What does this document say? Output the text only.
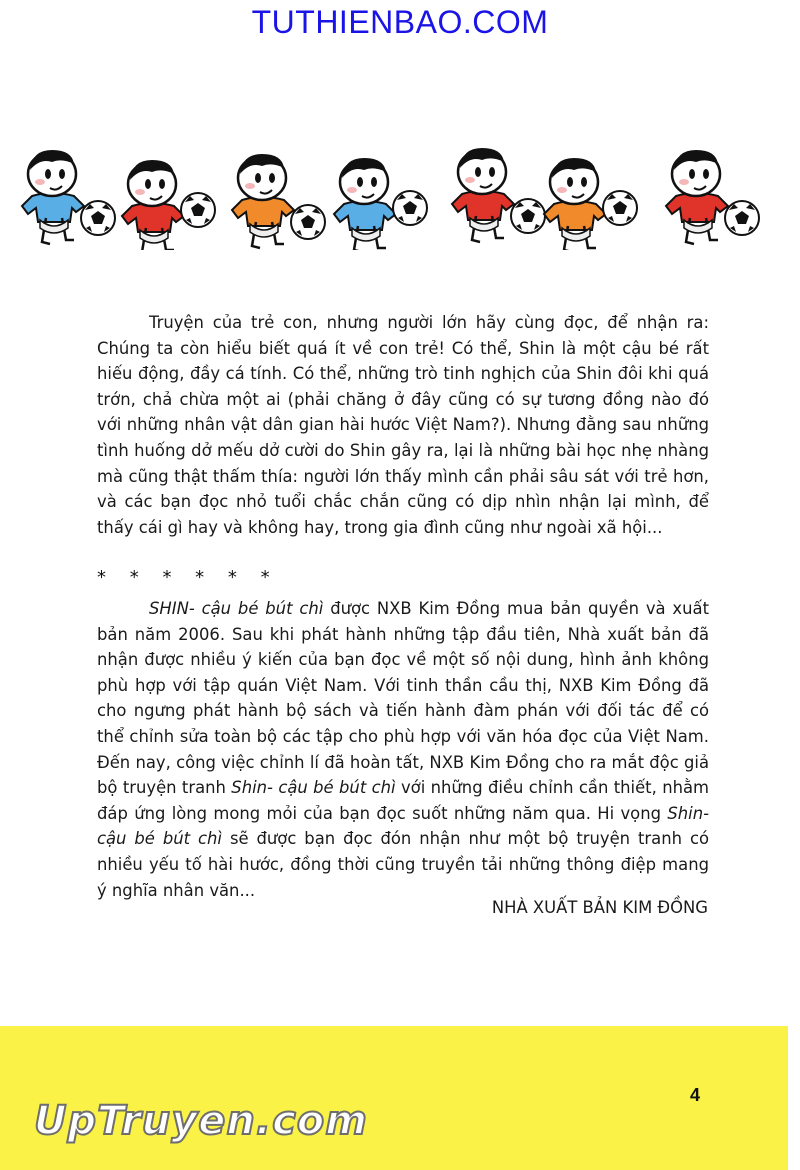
TUTHIENBAO.COM
Truyện của trẻ con, nhưng người lớn hãy cùng đọc, để nhận ra: Chúng ta còn hiểu biết quá ít về con trẻ! Có thể, Shin là một cậu bé rất hiếu động, đầy cá tính. Có thể, những trò tinh nghịch của Shin đôi khi quá trớn, chả chừa một ai (phải chăng ở đây cũng có sự tương đồng nào đó với những nhân vật dân gian hài hước Việt Nam?). Nhưng đằng sau những tình huống dở mếu dở cười do Shin gây ra, lại là những bài học nhẹ nhàng mà cũng thật thấm thía: người lớn thấy mình cần phải sâu sát với trẻ hơn, và các bạn đọc nhỏ tuổi chắc chắn cũng có dịp nhìn nhận lại mình, để thấy cái gì hay và không hay, trong gia đình cũng như ngoài xã hội...
* * * * * *
SHIN- cậu bé bút chì được NXB Kim Đồng mua bản quyền và xuất bản năm 2006. Sau khi phát hành những tập đầu tiên, Nhà xuất bản đã nhận được nhiều ý kiến của bạn đọc về một số nội dung, hình ảnh không phù hợp với tập quán Việt Nam. Với tinh thần cầu thị, NXB Kim Đồng đã cho ngưng phát hành bộ sách và tiến hành đàm phán với đối tác để có thể chỉnh sửa toàn bộ các tập cho phù hợp với văn hóa đọc của Việt Nam. Đến nay, công việc chỉnh lí đã hoàn tất, NXB Kim Đồng cho ra mắt độc giả bộ truyện tranh Shin- cậu bé bút chì với những điều chỉnh cần thiết, nhằm đáp ứng lòng mong mỏi của bạn đọc suốt những năm qua. Hi vọng Shin- cậu bé bút chì sẽ được bạn đọc đón nhận như một bộ truyện tranh có nhiều yếu tố hài hước, đồng thời cũng truyền tải những thông điệp mang ý nghĩa nhân văn...
NHÀ XUẤT BẢN KIM ĐỒNG
4
UpTruyen.com
